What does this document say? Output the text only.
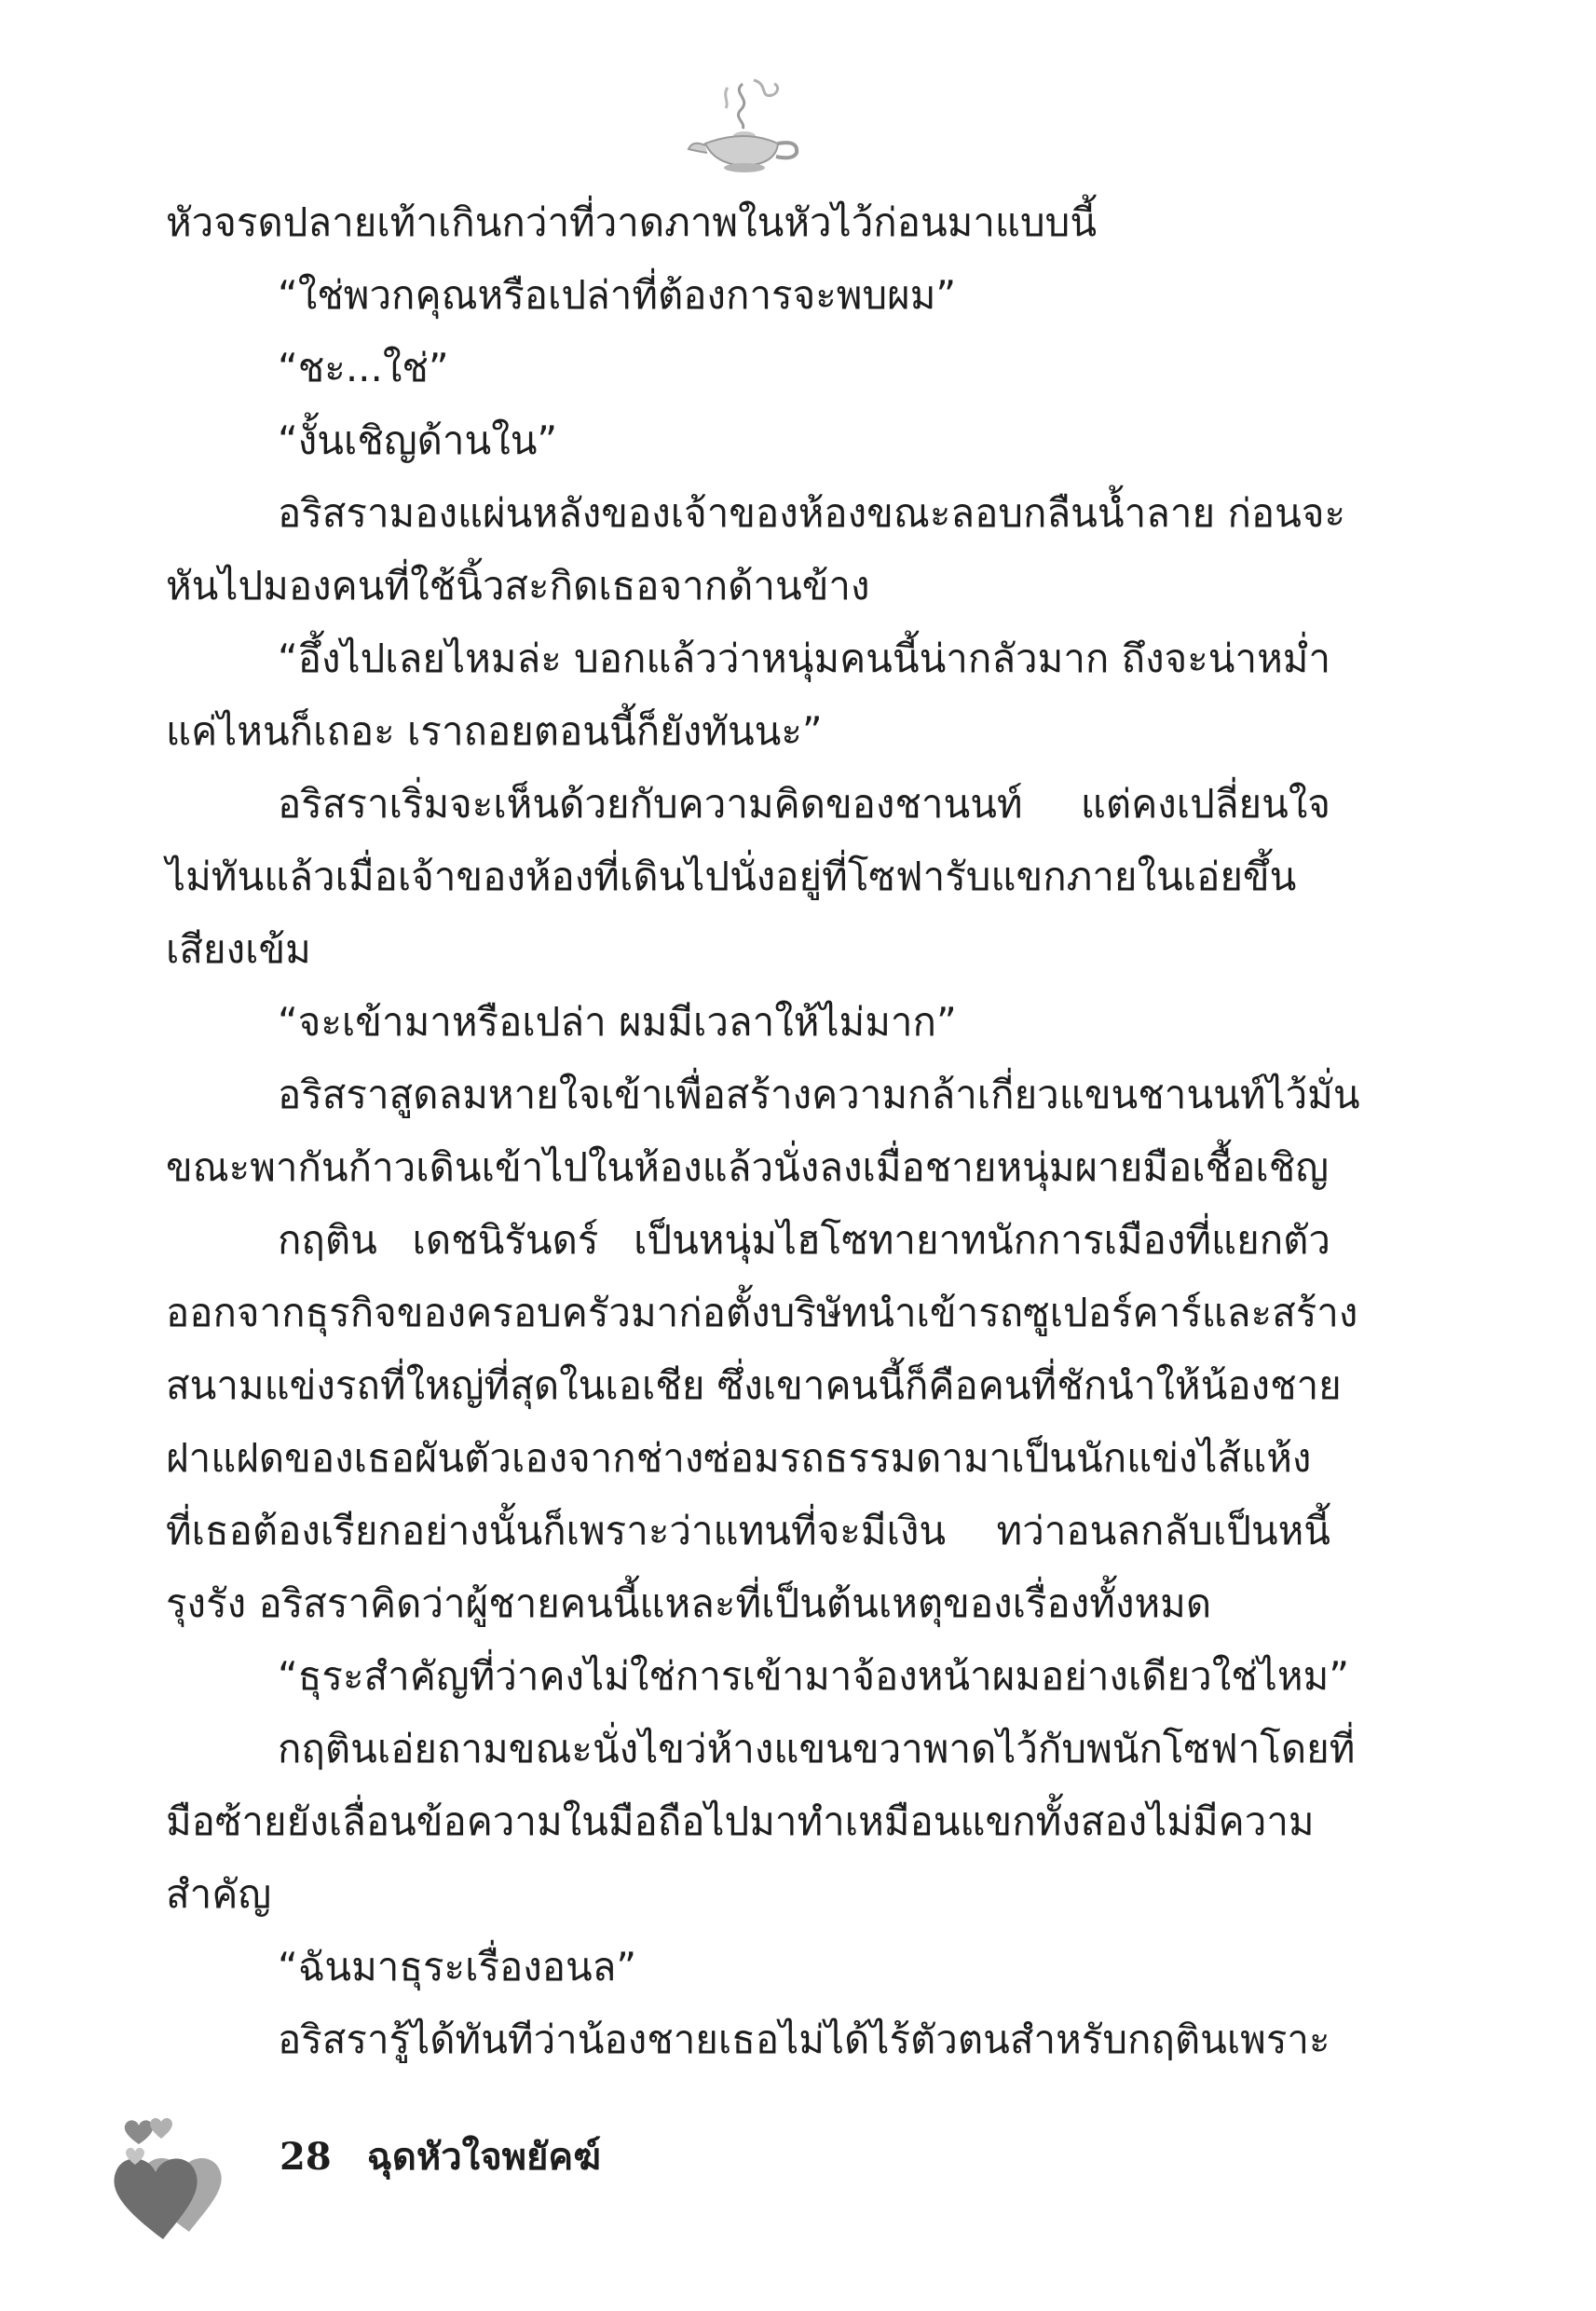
หัวจรดปลายเท้าเกินกว่าที่วาดภาพในหัวไว้ก่อนมาแบบนี้

“ใช่พวกคุณหรือเปล่าที่ต้องการจะพบผม”

“ชะ...ใช่”

“งั้นเชิญด้านใน”

อริสรามองแผ่นหลังของเจ้าของห้องขณะลอบกลืนน้ำลาย ก่อนจะ

หันไปมองคนที่ใช้นิ้วสะกิดเธอจากด้านข้าง

“อึ้งไปเลยไหมล่ะ บอกแล้วว่าหนุ่มคนนี้น่ากลัวมาก ถึงจะน่าหม่ำ

แค่ไหนก็เถอะ เราถอยตอนนี้ก็ยังทันนะ”

อริสราเริ่มจะเห็นด้วยกับความคิดของชานนท์ แต่คงเปลี่ยนใจ

ไม่ทันแล้วเมื่อเจ้าของห้องที่เดินไปนั่งอยู่ที่โซฟารับแขกภายในเอ่ยขึ้น

เสียงเข้ม

“จะเข้ามาหรือเปล่า ผมมีเวลาให้ไม่มาก”

อริสราสูดลมหายใจเข้าเพื่อสร้างความกล้าเกี่ยวแขนชานนท์ไว้มั่น

ขณะพากันก้าวเดินเข้าไปในห้องแล้วนั่งลงเมื่อชายหนุ่มผายมือเชื้อเชิญ

กฤติน เดชนิรันดร์ เป็นหนุ่มไฮโซทายาทนักการเมืองที่แยกตัว

ออกจากธุรกิจของครอบครัวมาก่อตั้งบริษัทนำเข้ารถซูเปอร์คาร์และสร้าง

สนามแข่งรถที่ใหญ่ที่สุดในเอเชีย ซึ่งเขาคนนี้ก็คือคนที่ชักนำให้น้องชาย

ฝาแฝดของเธอผันตัวเองจากช่างซ่อมรถธรรมดามาเป็นนักแข่งไส้แห้ง

ที่เธอต้องเรียกอย่างนั้นก็เพราะว่าแทนที่จะมีเงิน ทว่าอนลกลับเป็นหนี้

รุงรัง อริสราคิดว่าผู้ชายคนนี้แหละที่เป็นต้นเหตุของเรื่องทั้งหมด

“ธุระสำคัญที่ว่าคงไม่ใช่การเข้ามาจ้องหน้าผมอย่างเดียวใช่ไหม”

กฤตินเอ่ยถามขณะนั่งไขว่ห้างแขนขวาพาดไว้กับพนักโซฟาโดยที่

มือซ้ายยังเลื่อนข้อความในมือถือไปมาทำเหมือนแขกทั้งสองไม่มีความ

สำคัญ

“ฉันมาธุระเรื่องอนล”

อริสรารู้ได้ทันทีว่าน้องชายเธอไม่ได้ไร้ตัวตนสำหรับกฤตินเพราะ

28 ฉุดหัวใจพยัคฆ์
